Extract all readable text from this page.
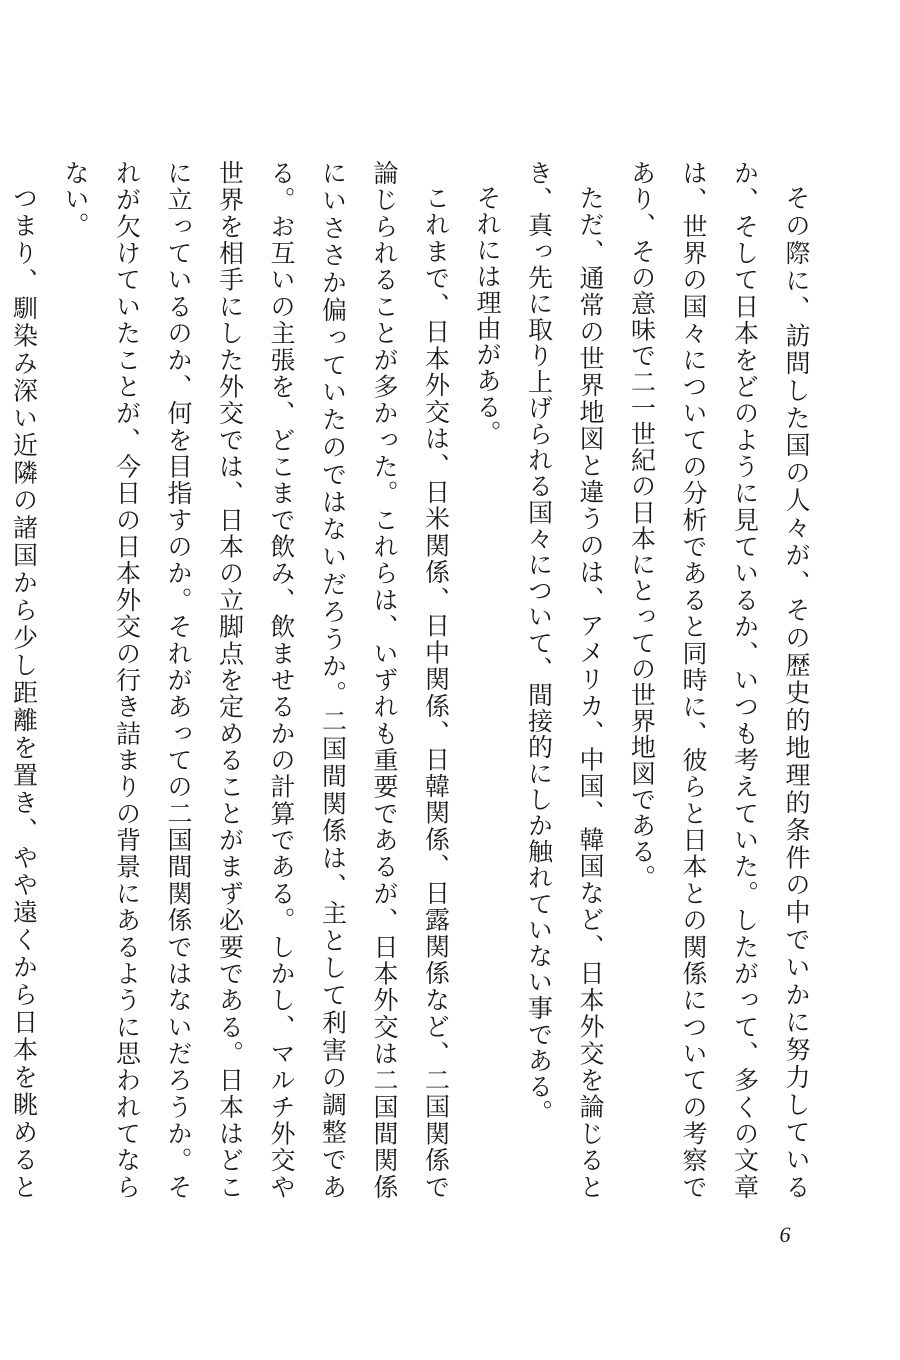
その際に、訪問した国の人々が、その歴史的地理的条件の中でいかに努力しているか、そして日本をどのように見ているか、いつも考えていた。したがって、多くの文章は、世界の国々についての分析であると同時に、彼らと日本との関係についての考察であり、その意味で二一世紀の日本にとっての世界地図である。

ただ、通常の世界地図と違うのは、アメリカ、中国、韓国など、日本外交を論じるとき、真っ先に取り上げられる国々について、間接的にしか触れていない事である。

それには理由がある。

これまで、日本外交は、日米関係、日中関係、日韓関係、日露関係など、二国関係で論じられることが多かった。これらは、いずれも重要であるが、日本外交は二国間関係にいささか偏っていたのではないだろうか。二国間関係は、主として利害の調整である。お互いの主張を、どこまで飲み、飲ませるかの計算である。しかし、マルチ外交や世界を相手にした外交では、日本の立脚点を定めることがまず必要である。日本はどこに立っているのか、何を目指すのか。それがあっての二国間関係ではないだろうか。それが欠けていたことが、今日の日本外交の行き詰まりの背景にあるように思われてならない。

つまり、馴染み深い近隣の諸国から少し距離を置き、やや遠くから日本を眺めると

6
